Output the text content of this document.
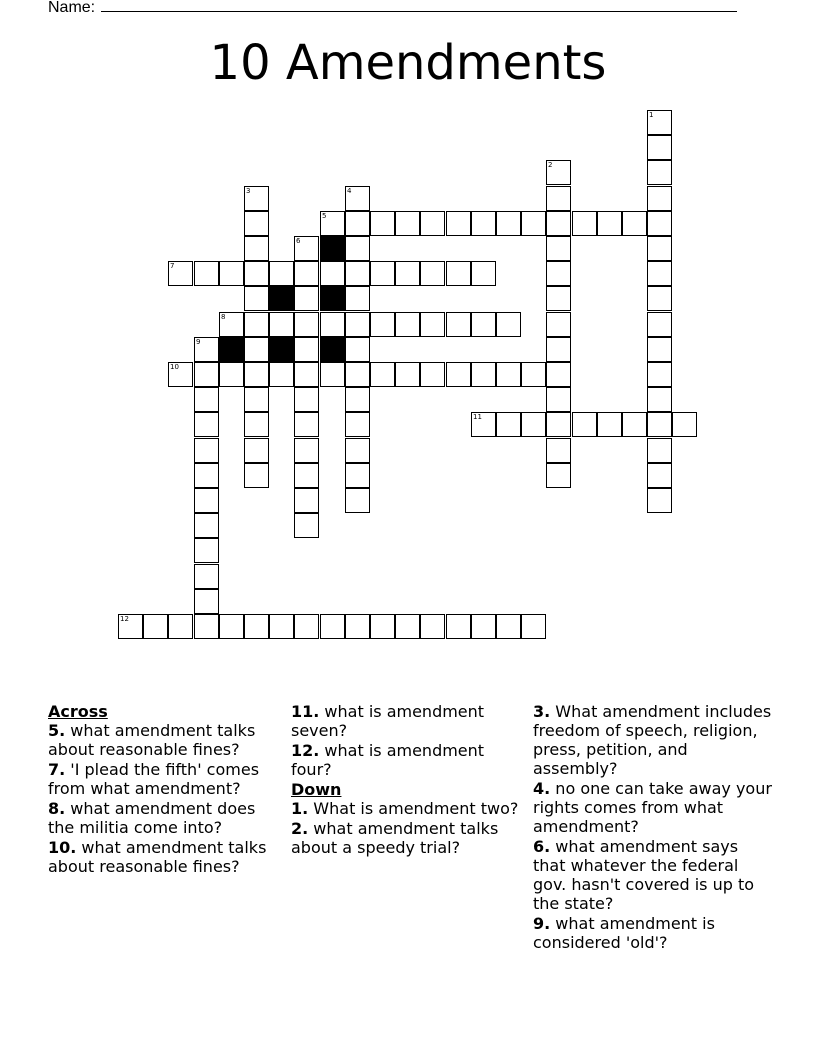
Name:
10 Amendments
5
7
8
10
11
12
1
2
3	4
6
9
Across
5. what amendment talks about reasonable fines?
7. 'I plead the fifth' comes from what amendment?
8. what amendment does the militia come into?
10. what amendment talks about reasonable fines?
11. what is amendment seven?
12. what is amendment four?
Down
1. What is amendment two?
2. what amendment talks about a speedy trial?
3. What amendment includes freedom of speech, religion, press, petition, and assembly?
4. no one can take away your rights comes from what amendment?
6. what amendment says that whatever the federal gov. hasn't covered is up to the state?
9. what amendment is considered 'old'?
